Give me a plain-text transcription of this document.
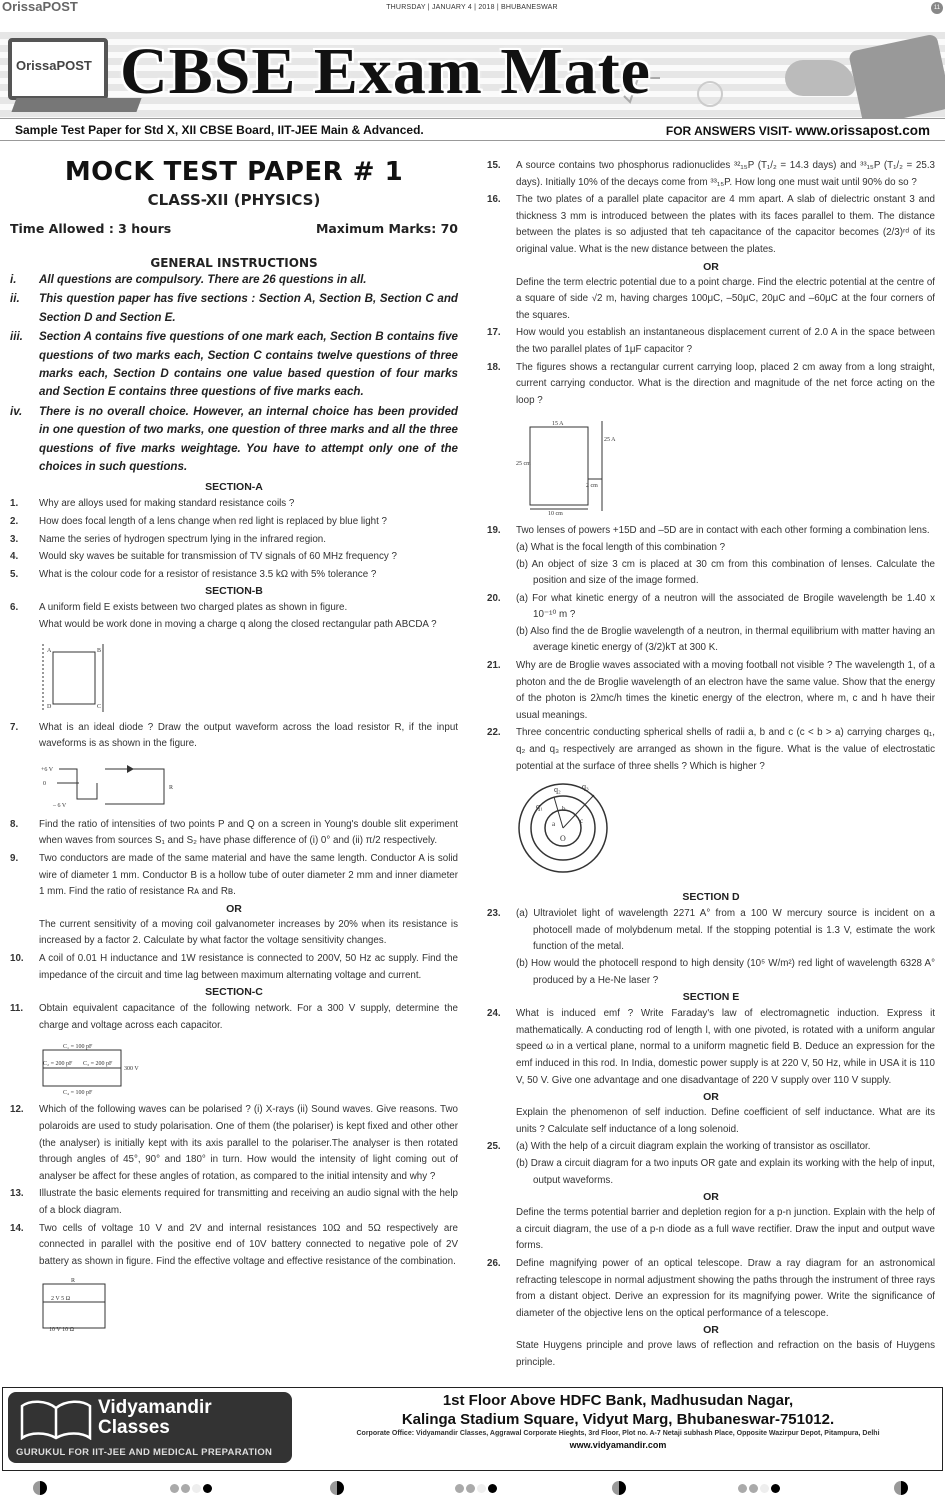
OrissaPOST	THURSDAY | JANUARY 4 | 2018 | BHUBANESWAR	11
OrissaPOST CBSE Exam Mate
Sample Test Paper for Std X, XII CBSE Board, IIT-JEE Main & Advanced.	FOR ANSWERS VISIT- www.orissapost.com
MOCK TEST PAPER # 1
CLASS-XII (PHYSICS)
Time Allowed : 3 hours	Maximum Marks: 70
GENERAL INSTRUCTIONS
i.	All questions are compulsory. There are 26 questions in all.
ii.	This question paper has five sections : Section A, Section B, Section C and Section D and Section E.
iii.	Section A contains five questions of one mark each, Section B contains five questions of two marks each, Section C contains twelve questions of three marks each, Section D contains one value based question of four marks and Section E contains three questions of five marks each.
iv.	There is no overall choice. However, an internal choice has been provided in one question of two marks, one question of three marks and all the three questions of five marks weightage. You have to attempt only one of the choices in such questions.
SECTION-A
1.	Why are alloys used for making standard resistance coils ?

2.	How does focal length of a lens change when red light is replaced by blue light ?

3.	Name the series of hydrogen spectrum lying in the infrared region.

4.	Would sky waves be suitable for transmission of TV signals of 60 MHz frequency ?

5.	What is the colour code for a resistor of resistance 3.5 kΩ with 5% tolerance ?

SECTION-B
6.	A uniform field E exists between two charged plates as shown in figure.

What would be work done in moving a charge q along the closed rectangular path ABCDA ?

A	B
C
D
7.	What is an ideal diode ? Draw the output waveform across the load resistor R, if the input waveforms is as shown in the figure.

+6 V
0
– 6 V
R
8.	Find the ratio of intensities of two points P and Q on a screen in Young's double slit experiment when waves from sources S₁ and S₂ have phase difference of (i) 0° and (ii) π/2 respectively.

9.	Two conductors are made of the same material and have the same length. Conductor A is solid wire of diameter 1 mm. Conductor B is a hollow tube of outer diameter 2 mm and inner diameter 1 mm. Find the ratio of resistance Rᴀ and Rʙ.

OR

The current sensitivity of a moving coil galvanometer increases by 20% when its resistance is increased by a factor 2. Calculate by what factor the voltage sensitivity changes.

10.	A coil of 0.01 H inductance and 1W resistance is connected to 200V, 50 Hz ac supply. Find the impedance of the circuit and time lag between maximum alternating voltage and current.

SECTION-C
11.	Obtain equivalent capacitance of the following network. For a 300 V supply, determine the charge and voltage across each capacitor.

C₁ = 100 pF
C₂ = 200 pF C₃ = 200 pF
C₄ = 100 pF
300 V
12.	Which of the following waves can be polarised ? (i) X-rays (ii) Sound waves. Give reasons. Two polaroids are used to study polarisation. One of them (the polariser) is kept fixed and other other (the analyser) is initially kept with its axis parallel to the polariser.The analyser is then rotated through angles of 45°, 90° and 180° in turn. How would the intensity of light coming out of analyser be affect for these angles of rotation, as compared to the initial intensity and why ?

13.	Illustrate the basic elements required for transmitting and receiving an audio signal with the help of a block diagram.

14.	Two cells of voltage 10 V and 2V and internal resistances 10Ω and 5Ω respectively are connected in parallel with the positive end of 10V battery connected to negative pole of 2V battery as shown in figure. Find the effective voltage and effective resistance of the combination.

R
2 V 5 Ω
10 V 10 Ω
15.	A source contains two phosphorus radionuclides ³²₁₅P (T₁/₂ = 14.3 days) and ³³₁₅P (T₁/₂ = 25.3 days). Initially 10% of the decays come from ³³₁₅P. How long one must wait until 90% do so ?

16.	The two plates of a parallel plate capacitor are 4 mm apart. A slab of dielectric onstant 3 and thickness 3 mm is introduced between the plates with its faces parallel to them. The distance between the plates is so adjusted that teh capacitance of the capacitor becomes (2/3)ʳᵈ of its original value. What is the new distance between the plates.

OR

Define the term electric potential due to a point charge. Find the electric potential at the centre of a square of side √2 m, having charges 100μC, –50μC, 20μC and –60μC at the four corners of the squares.

17.	How would you establish an instantaneous displacement current of 2.0 A in the space between the two parallel plates of 1μF capacitor ?

18.	The figures shows a rectangular current carrying loop, placed 2 cm away from a long straight, current carrying conductor. What is the direction and magnitude of the net force acting on the loop ?

15 A
25 A
25 cm
2 cm
10 cm
19.	Two lenses of powers +15D and –5D are in contact with each other forming a combination lens.

(a) What is the focal length of this combination ?

(b) An object of size 3 cm is placed at 30 cm from this combination of lenses. Calculate the position and size of the image formed.

20.	(a) For what kinetic energy of a neutron will the associated de Brogile wavelength be 1.40 x 10⁻¹⁰ m ?

(b) Also find the de Broglie wavelength of a neutron, in thermal equilibrium with matter having an average kinetic energy of (3/2)kT at 300 K.

21.	Why are de Broglie waves associated with a moving football not visible ? The wavelength 1, of a photon and the de Broglie wavelength of an electron have the same value. Show that the energy of the photon is 2λmc/h times the kinetic energy of the electron, where m, c and h have their usual meanings.

22.	Three concentric conducting spherical shells of radii a, b and c (c < b > a) carrying charges q₁, q₂ and q₃ respectively are arranged as shown in the figure. What is the value of electrostatic potential at the surface of three shells ? Which is higher ?

q₂	q₃
q₁
a
b
c
O
SECTION D
23.	(a) Ultraviolet light of wavelength 2271 A° from a 100 W mercury source is incident on a photocell made of molybdenum metal. If the stopping potential is 1.3 V, estimate the work function of the metal.

(b) How would the photocell respond to high density (10⁵ W/m²) red light of wavelength 6328 A° produced by a He-Ne laser ?

SECTION E
24.	What is induced emf ? Write Faraday's law of electromagnetic induction. Express it mathematically. A conducting rod of length l, with one pivoted, is rotated with a uniform angular speed ω in a vertical plane, normal to a uniform magnetic field B. Deduce an expression for the emf induced in this rod. In India, domestic power supply is at 220 V, 50 Hz, while in USA it is 110 V, 50 V. Give one advantage and one disadvantage of 220 V supply over 110 V supply.

OR

Explain the phenomenon of self induction. Define coefficient of self inductance. What are its units ? Calculate self inductance of a long solenoid.

25.	(a) With the help of a circuit diagram explain the working of transistor as oscillator.

(b) Draw a circuit diagram for a two inputs OR gate and explain its working with the help of input, output waveforms.

OR

Define the terms potential barrier and depletion region for a p-n junction. Explain with the help of a circuit diagram, the use of a p-n diode as a full wave rectifier. Draw the input and output wave forms.

26.	Define magnifying power of an optical telescope. Draw a ray diagram for an astronomical refracting telescope in normal adjustment showing the paths through the instrument of three rays from a distant object. Derive an expression for its magnifying power. Write the significance of diameter of the objective lens on the optical performance of a telescope.

OR

State Huygens principle and prove laws of reflection and refraction on the basis of Huygens principle.

Vidyamandir
Classes
GURUKUL FOR IIT-JEE AND MEDICAL PREPARATION
1st Floor Above HDFC Bank, Madhusudan Nagar,
Kalinga Stadium Square, Vidyut Marg, Bhubaneswar-751012.
Corporate Office: Vidyamandir Classes, Aggrawal Corporate Hieghts, 3rd Floor, Plot no. A-7 Netaji subhash Place, Opposite Wazirpur Depot, Pitampura, Delhi
www.vidyamandir.com
